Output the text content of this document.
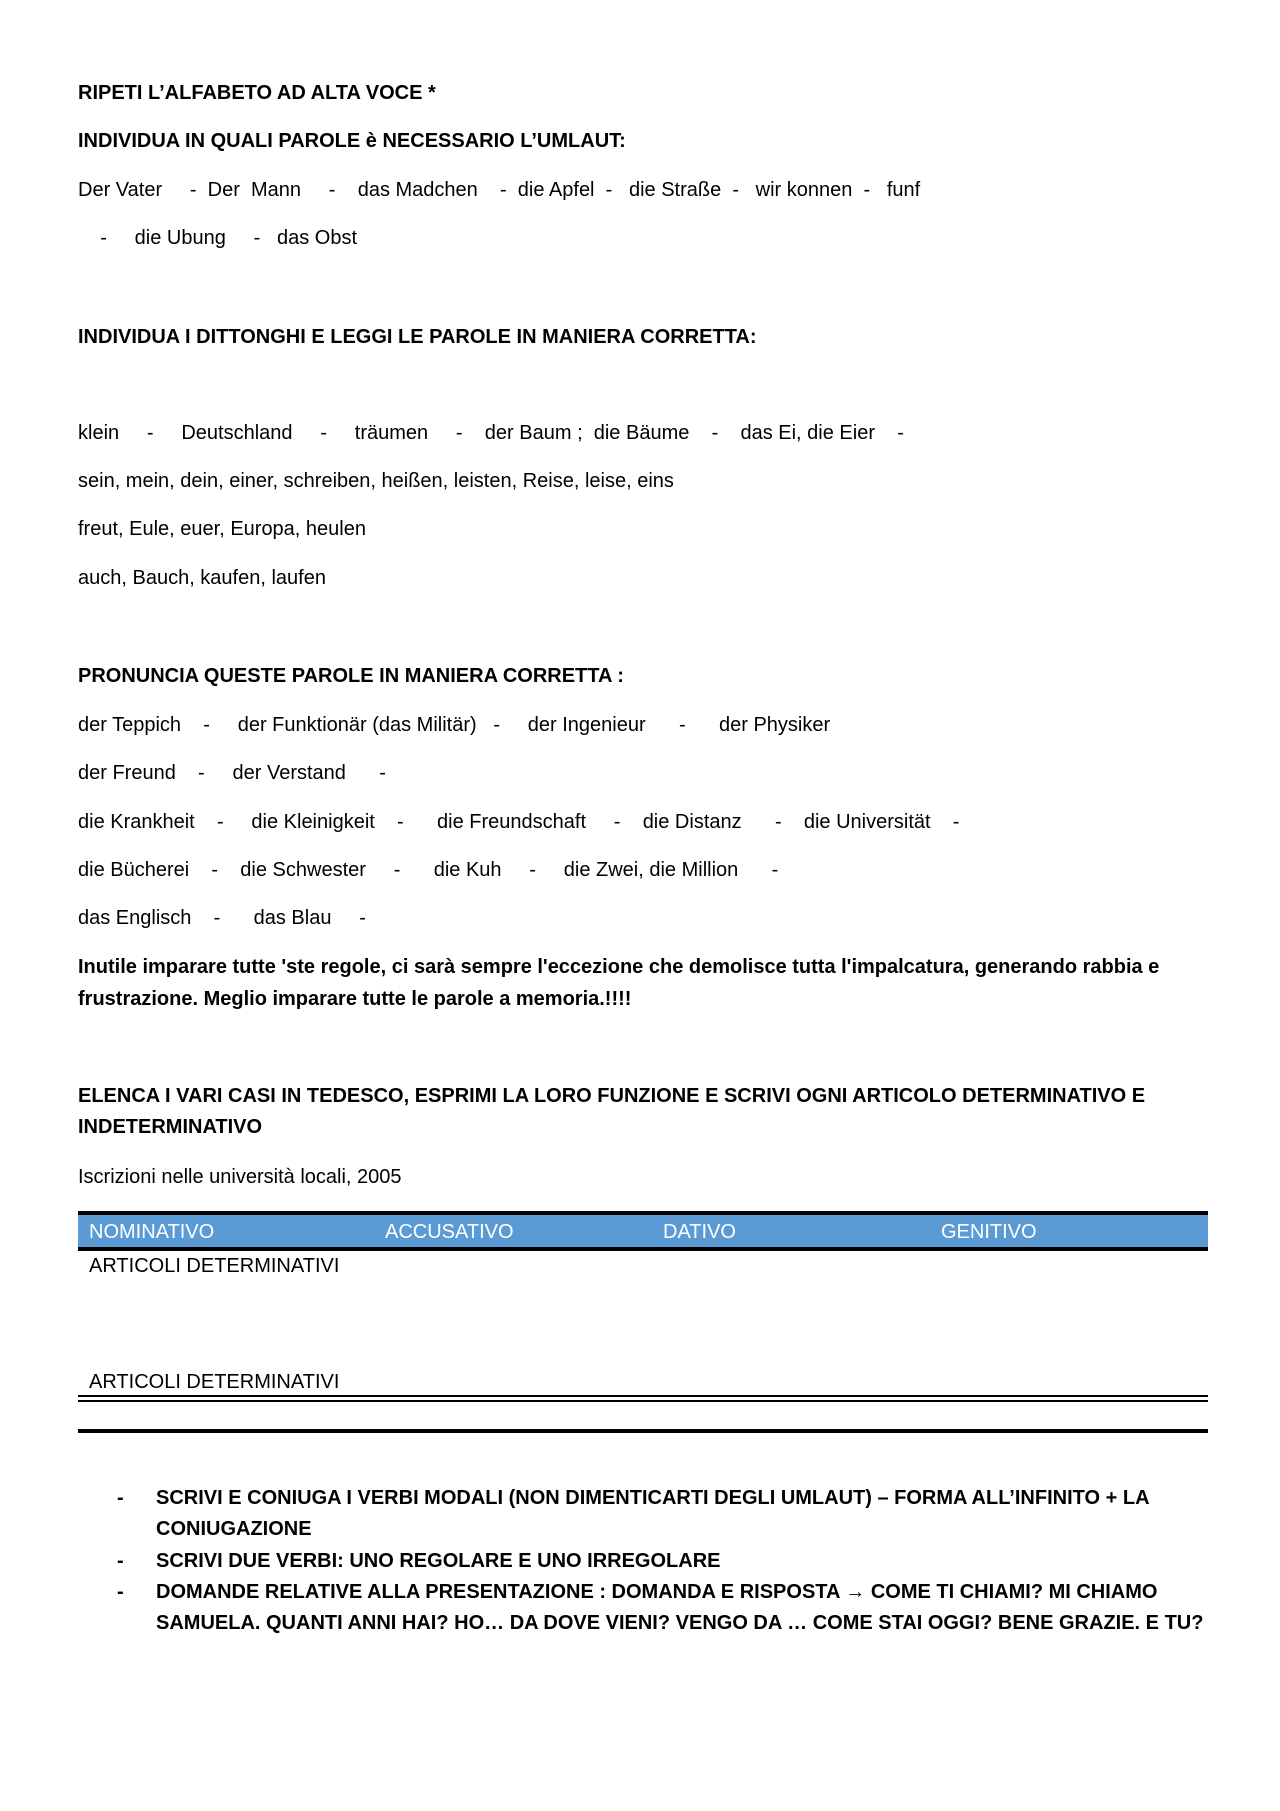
RIPETI L’ALFABETO AD ALTA VOCE *
INDIVIDUA IN QUALI PAROLE è NECESSARIO L’UMLAUT:
Der Vater     -  Der  Mann     -    das Madchen    -  die Apfel  -   die Straße  -   wir konnen  -   funf
-     die Ubung     -   das Obst
INDIVIDUA I DITTONGHI E LEGGI LE PAROLE IN MANIERA CORRETTA:
klein     -     Deutschland     -     träumen     -    der Baum ;  die Bäume    -    das Ei, die Eier    -
sein, mein, dein, einer, schreiben, heißen, leisten, Reise, leise, eins
freut, Eule, euer, Europa, heulen
auch, Bauch, kaufen, laufen
PRONUNCIA QUESTE PAROLE IN MANIERA CORRETTA :
der Teppich    -     der Funktionär (das Militär)   -     der Ingenieur      -      der Physiker
der Freund    -     der Verstand      -
die Krankheit    -     die Kleinigkeit    -      die Freundschaft     -    die Distanz      -    die Universität    -
die Bücherei    -    die Schwester     -      die Kuh     -     die Zwei, die Million      -
das Englisch    -      das Blau     -
Inutile imparare tutte 'ste regole, ci sarà sempre l'eccezione che demolisce tutta l'impalcatura, generando rabbia e frustrazione. Meglio imparare tutte le parole a memoria.!!!!
ELENCA I VARI CASI IN TEDESCO, ESPRIMI LA LORO FUNZIONE E SCRIVI OGNI ARTICOLO DETERMINATIVO E INDETERMINATIVO
Iscrizioni nelle università locali, 2005
NOMINATIVO	ACCUSATIVO	DATIVO	GENITIVO
ARTICOLI DETERMINATIVI
ARTICOLI DETERMINATIVI
- SCRIVI E CONIUGA I VERBI MODALI (NON DIMENTICARTI DEGLI UMLAUT) – FORMA ALL’INFINITO + LA CONIUGAZIONE
- SCRIVI DUE VERBI: UNO REGOLARE E UNO IRREGOLARE
- DOMANDE RELATIVE ALLA PRESENTAZIONE : DOMANDA E RISPOSTA → COME TI CHIAMI? MI CHIAMO SAMUELA. QUANTI ANNI HAI? HO… DA DOVE VIENI? VENGO DA … COME STAI OGGI? BENE GRAZIE. E TU?
